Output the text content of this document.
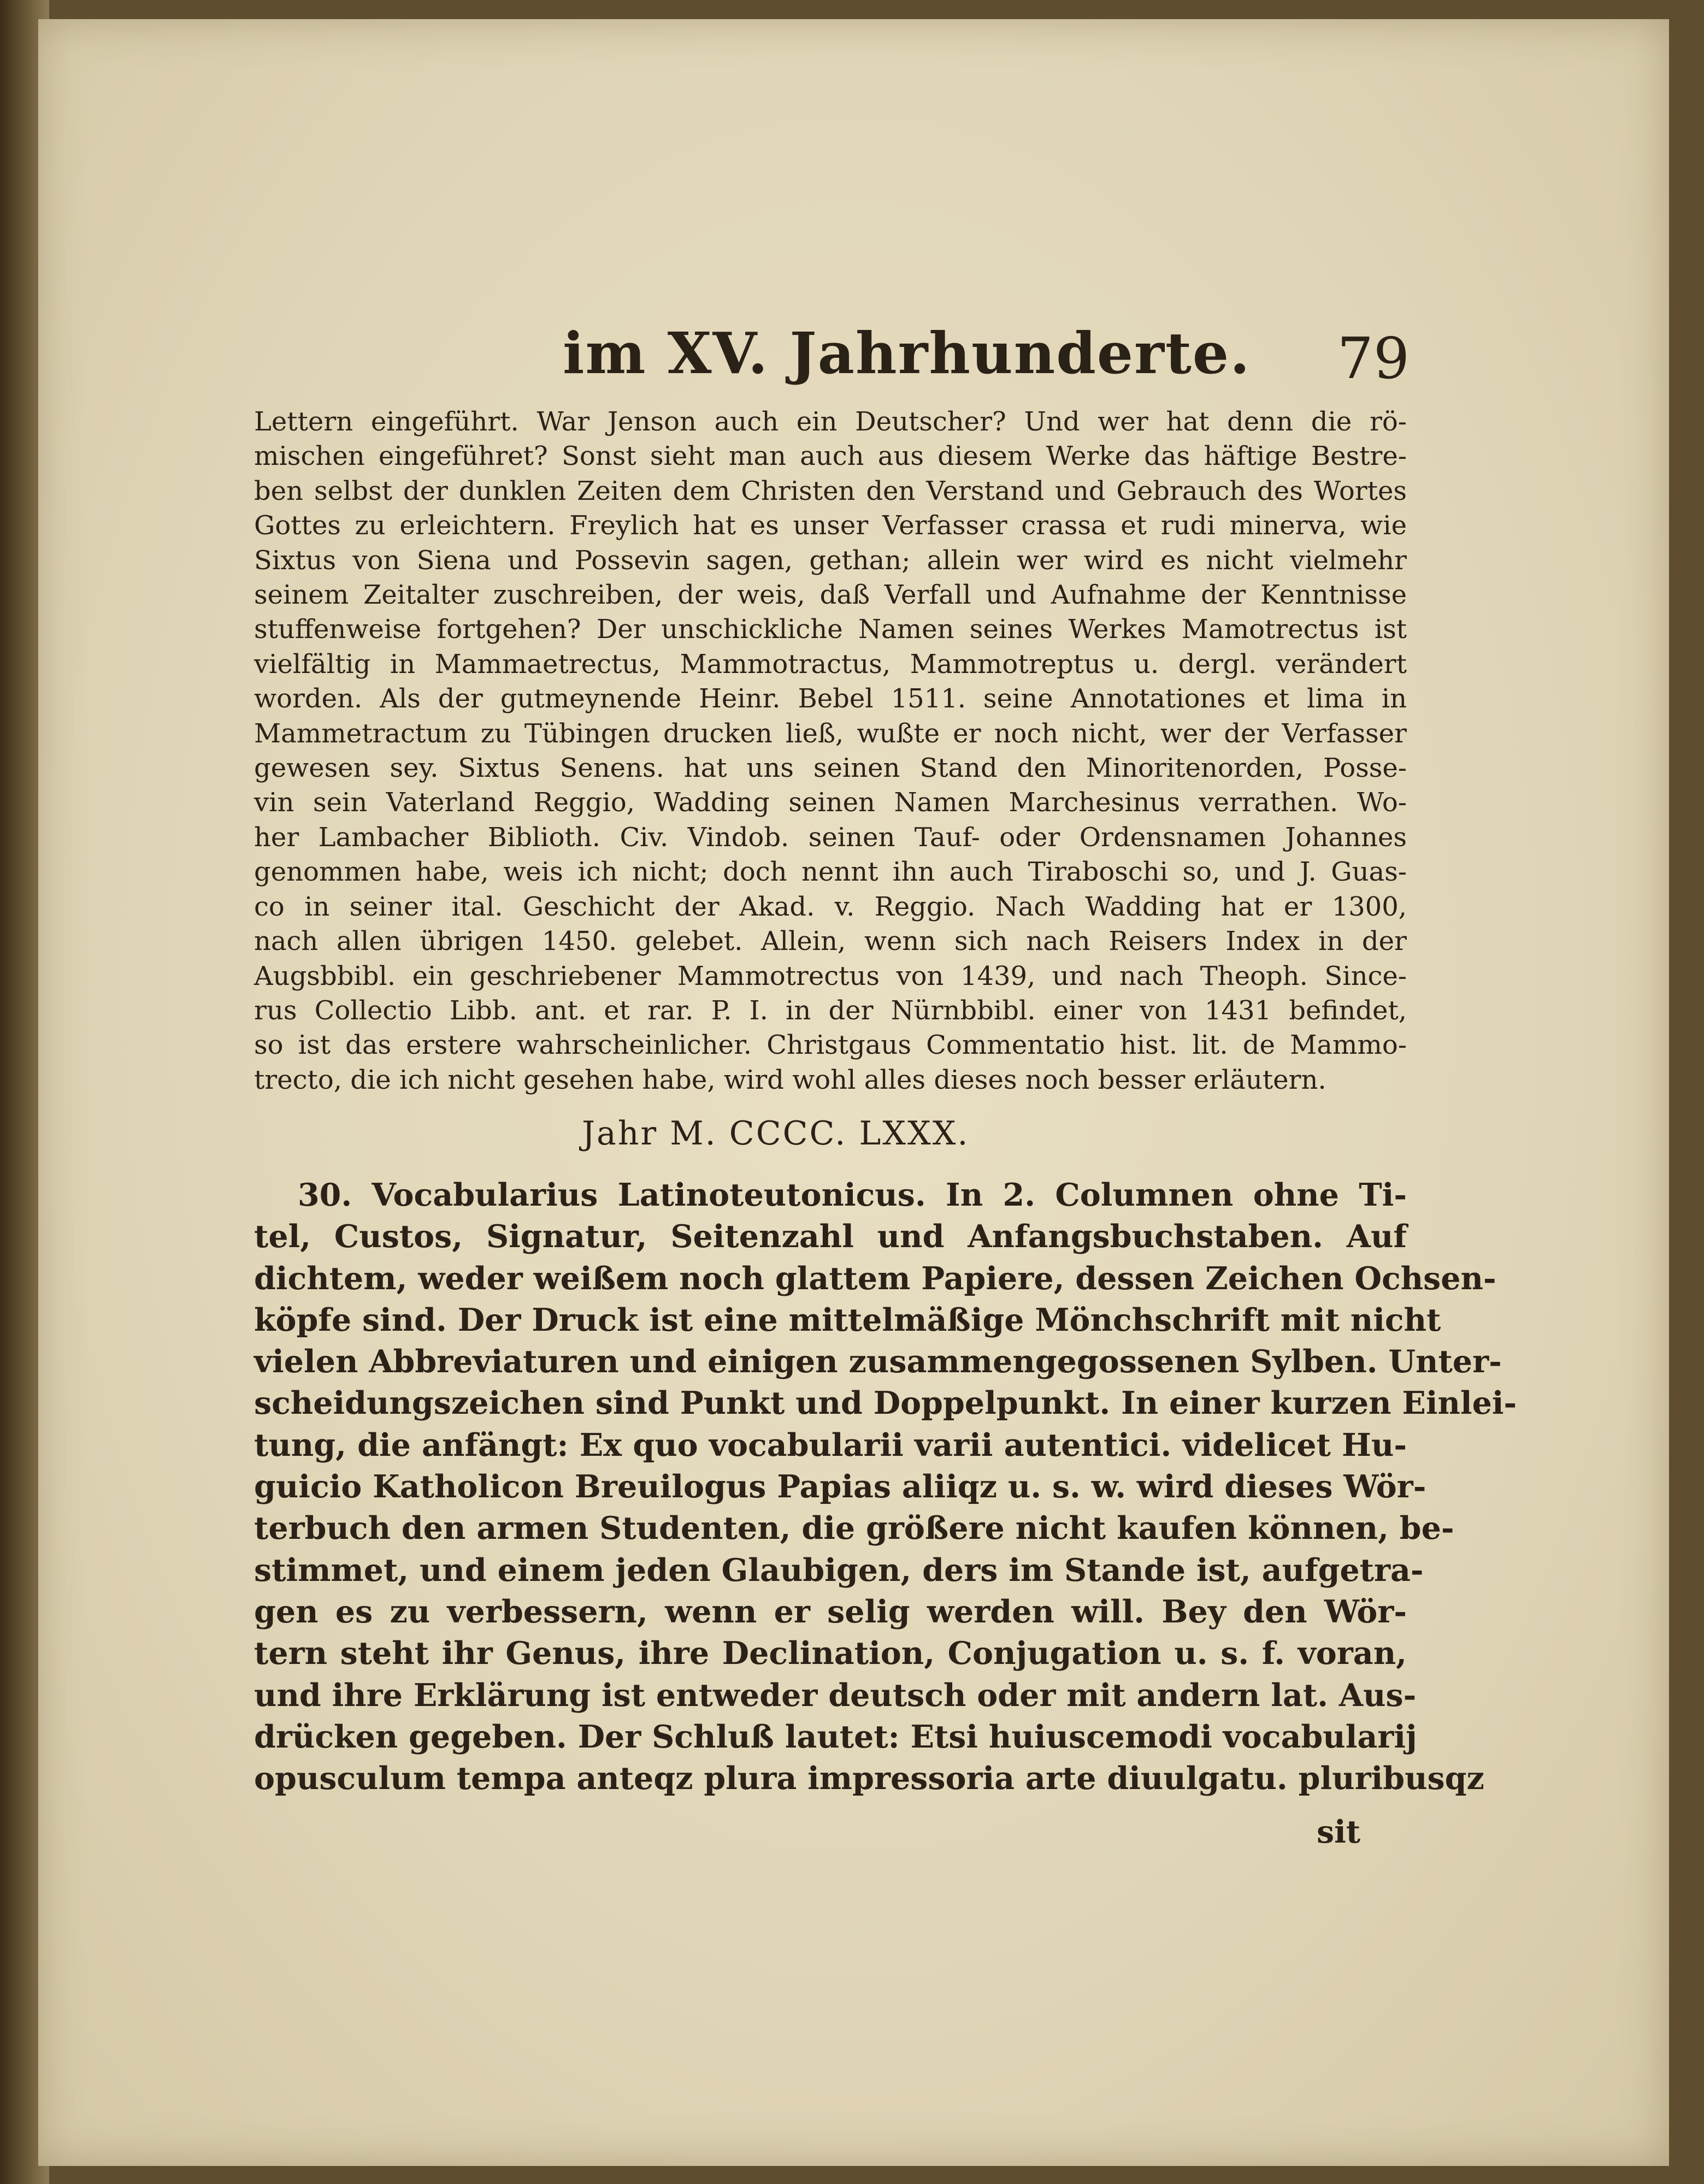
im XV. Jahrhunderte. 79
Lettern eingeführt. War Jenson auch ein Deutscher? Und wer hat denn die rö-
mischen eingeführet? Sonst sieht man auch aus diesem Werke das häftige Bestre-
ben selbst der dunklen Zeiten dem Christen den Verstand und Gebrauch des Wortes
Gottes zu erleichtern. Freylich hat es unser Verfasser crassa et rudi minerva, wie
Sixtus von Siena und Possevin sagen, gethan; allein wer wird es nicht vielmehr
seinem Zeitalter zuschreiben, der weis, daß Verfall und Aufnahme der Kenntnisse
stuffenweise fortgehen? Der unschickliche Namen seines Werkes Mamotrectus ist
vielfältig in Mammaetrectus, Mammotractus, Mammotreptus u. dergl. verändert
worden. Als der gutmeynende Heinr. Bebel 1511. seine Annotationes et lima in
Mammetractum zu Tübingen drucken ließ, wußte er noch nicht, wer der Verfasser
gewesen sey. Sixtus Senens. hat uns seinen Stand den Minoritenorden, Posse-
vin sein Vaterland Reggio, Wadding seinen Namen Marchesinus verrathen. Wo-
her Lambacher Biblioth. Civ. Vindob. seinen Tauf- oder Ordensnamen Johannes
genommen habe, weis ich nicht; doch nennt ihn auch Tiraboschi so, und J. Guas-
co in seiner ital. Geschicht der Akad. v. Reggio. Nach Wadding hat er 1300,
nach allen übrigen 1450. gelebet. Allein, wenn sich nach Reisers Index in der
Augsbbibl. ein geschriebener Mammotrectus von 1439, und nach Theoph. Since-
rus Collectio Libb. ant. et rar. P. I. in der Nürnbbibl. einer von 1431 befindet,
so ist das erstere wahrscheinlicher. Christgaus Commentatio hist. lit. de Mammo-
trecto, die ich nicht gesehen habe, wird wohl alles dieses noch besser erläutern.
Jahr M. CCCC. LXXX.
30. Vocabularius Latinoteutonicus. In 2. Columnen ohne Ti-
tel, Custos, Signatur, Seitenzahl und Anfangsbuchstaben. Auf
dichtem, weder weißem noch glattem Papiere, dessen Zeichen Ochsen-
köpfe sind. Der Druck ist eine mittelmäßige Mönchschrift mit nicht
vielen Abbreviaturen und einigen zusammengegossenen Sylben. Unter-
scheidungszeichen sind Punkt und Doppelpunkt. In einer kurzen Einlei-
tung, die anfängt: Ex quo vocabularii varii autentici. videlicet Hu-
guicio Katholicon Breuilogus Papias aliiqz u. s. w. wird dieses Wör-
terbuch den armen Studenten, die größere nicht kaufen können, be-
stimmet, und einem jeden Glaubigen, ders im Stande ist, aufgetra-
gen es zu verbessern, wenn er selig werden will. Bey den Wör-
tern steht ihr Genus, ihre Declination, Conjugation u. s. f. voran,
und ihre Erklärung ist entweder deutsch oder mit andern lat. Aus-
drücken gegeben. Der Schluß lautet: Etsi huiuscemodi vocabularij
opusculum tempa anteqz plura impressoria arte diuulgatu. pluribusqz
sit
